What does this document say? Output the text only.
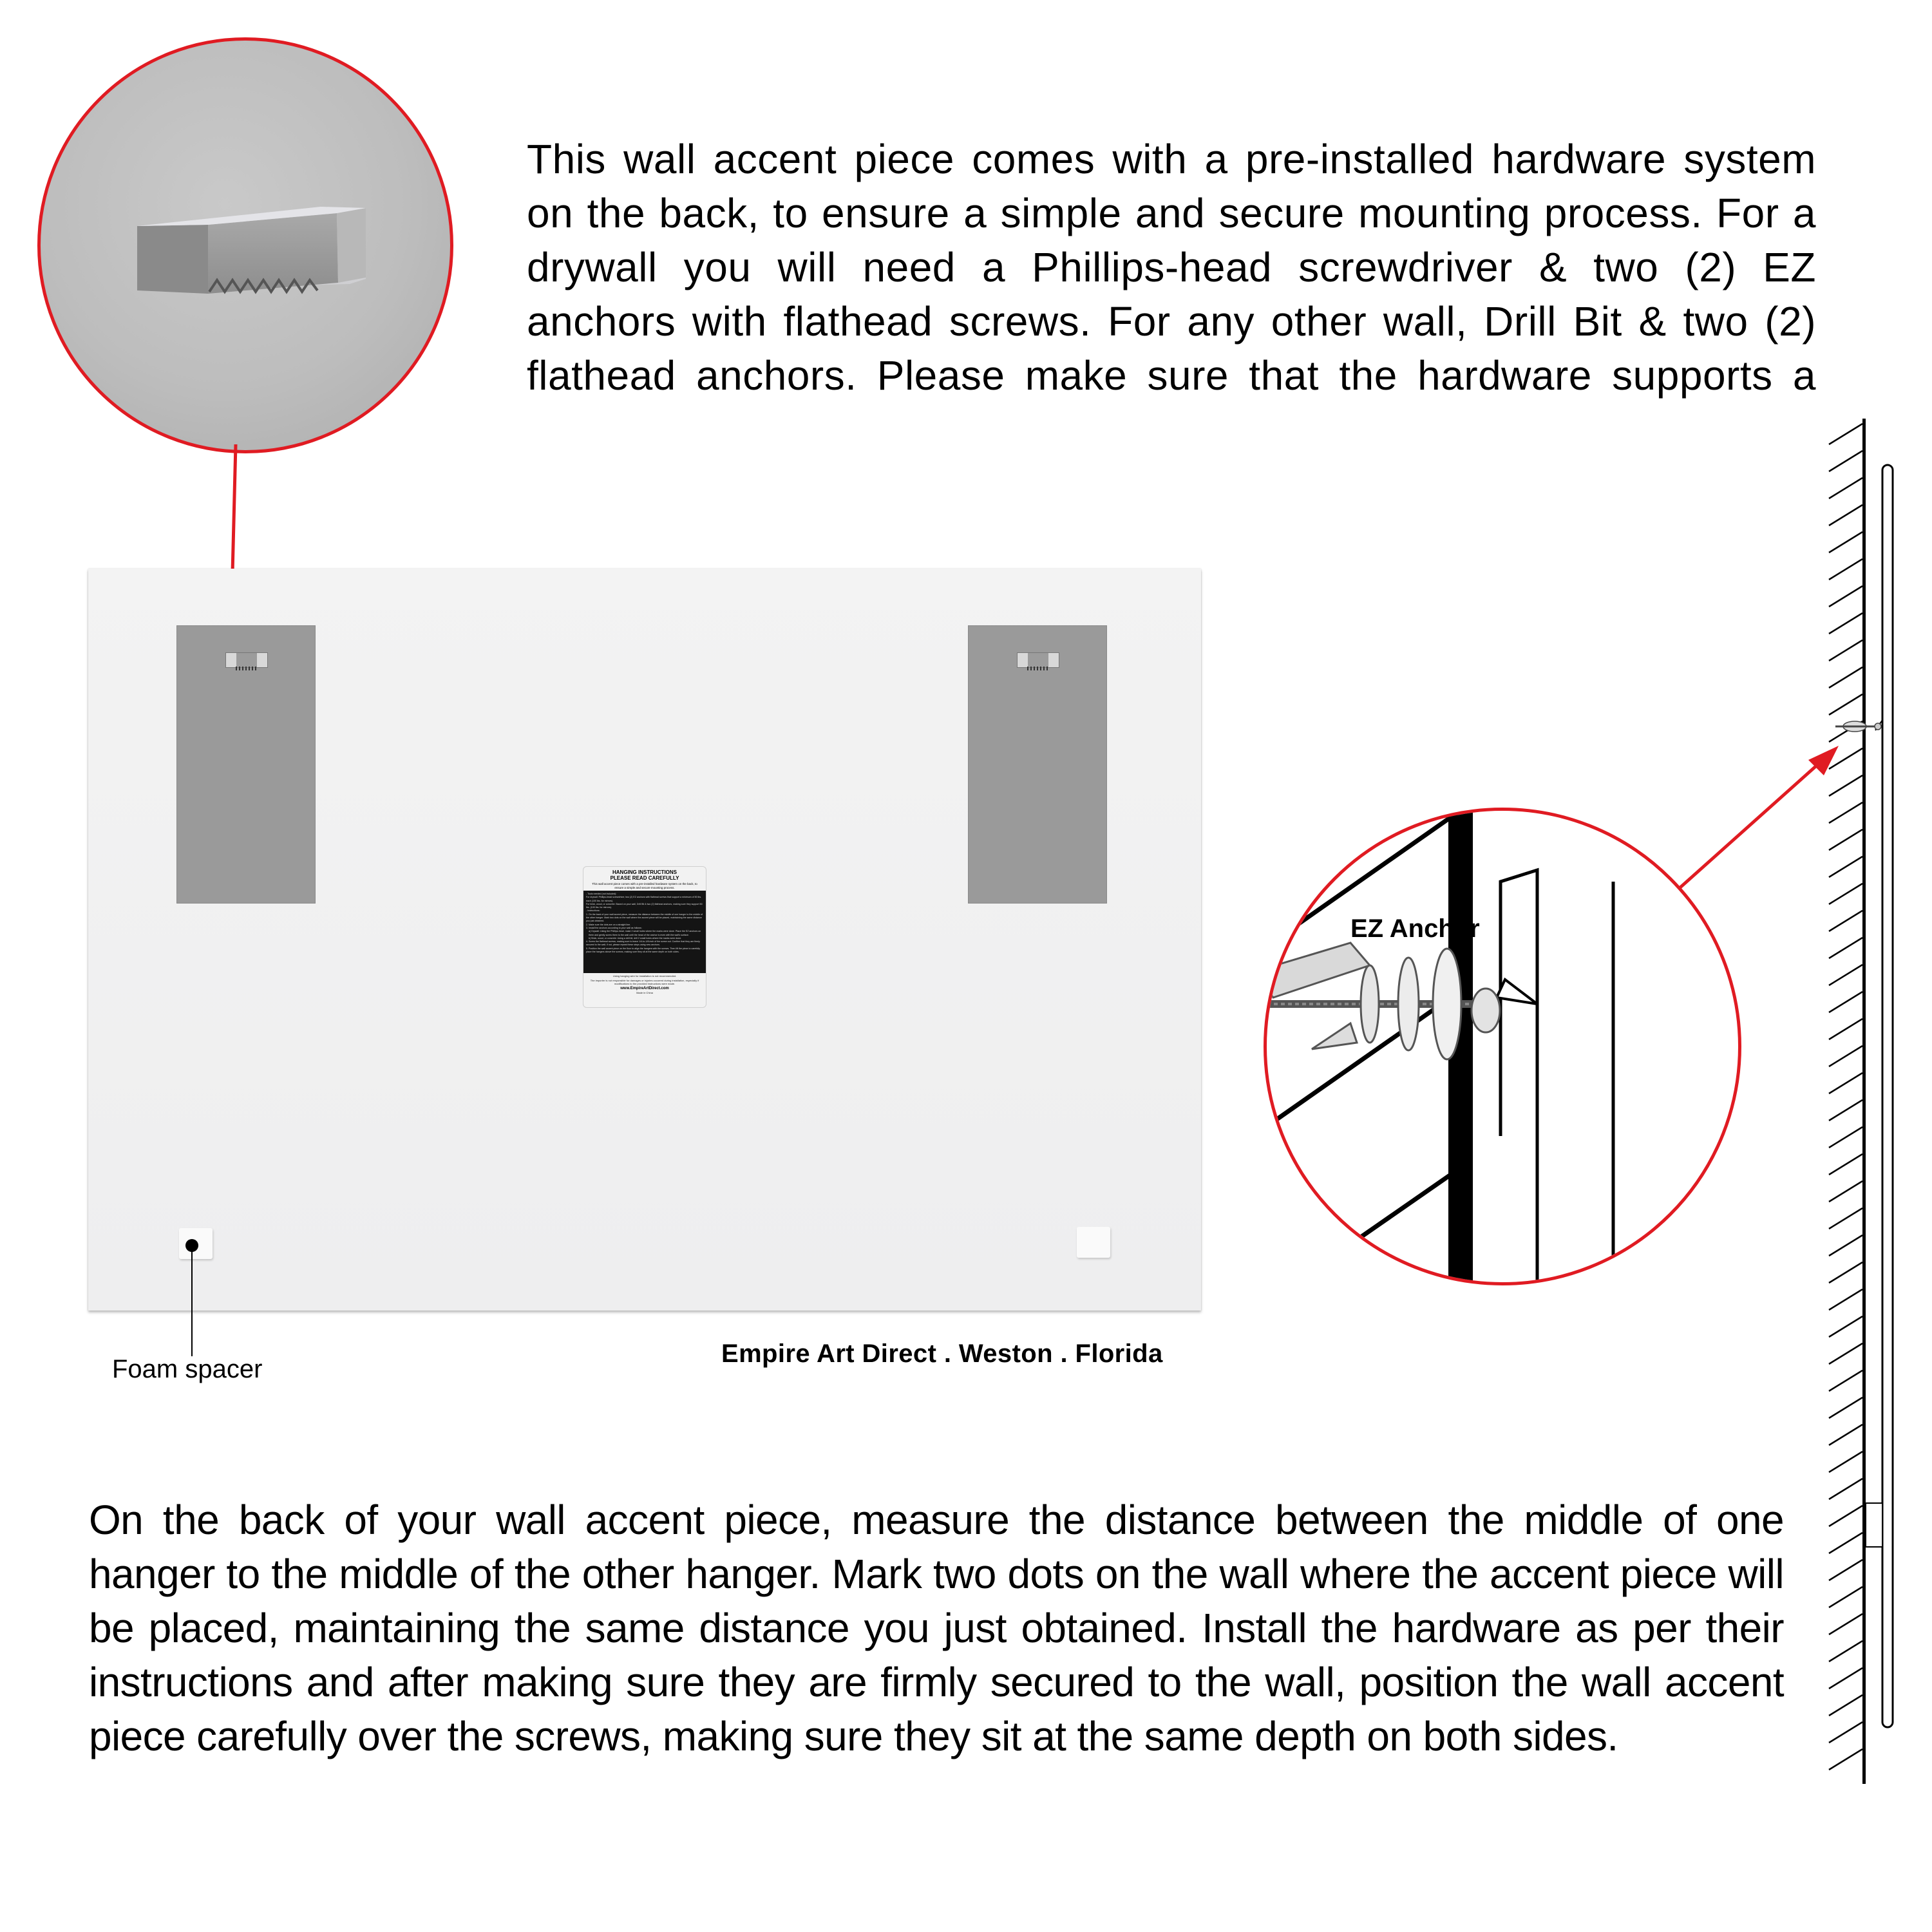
This wall accent piece comes with a pre-installed hardware system on the back, to ensure a simple and secure mounting process. For a drywall you will need a Phillips-head screwdriver & two (2) EZ anchors with flathead screws. For any other wall, Drill Bit & two (2) flathead anchors. Please make sure that the hardware supports a
HANGING INSTRUCTIONS
PLEASE READ CAREFULLY
This wall accent piece comes with a pre-installed hardware system on the back, to ensure a simple and secure mounting process.
- Tools needed (not included):
For drywall: Phillips-head screwdriver, two (2) EZ anchors with flathead screws that support a minimum of 50 lbs. each (100 lbs. for mirrors).
For brick, wood, or concrete: Based on your wall, Drill Bit & two (2) flathead anchors, making sure they support 50 lbs. (100 lbs. for mirrors).
- Instructions:
1. On the back of your wall accent piece, measure the distance between the middle of one hanger to the middle of the other hanger. Mark two dots on the wall where the accent piece will be placed, maintaining the same distance you just obtained.
2. Make sure the dots are on a straight line.
3. Install the anchors according to your wall as follows:
a) Drywall: Using the Phillips-head, make 2 small holes where the marks were done. Place the EZ anchors on them and gently screw them to the wall until the head of the anchor is even with the wall's surface.
b) Brick, wood, or concrete: Using a drill bit, drill 2 small holes where the marks were done.
4. Screw the flathead screws, making sure to leave 1/4-to-1/8-inch of the screw out. Confirm that they are firmly secured to the wall; if not, please repeat these steps using new anchors.
5. Position the wall accent piece on the floor to align the hangers with the screws. Then lift the piece to carefully place the hangers above the screws, making sure they sit at the same depth on both sides.
Using hanging wire for installation is not recommended.
The importer is not responsible for damages or injuries occurred during installation, especially if modifications to the provided instructions were made.
www.EmpireArtDirect.com
Made in China
Foam spacer
Empire Art Direct . Weston . Florida
EZ Anchor
On the back of your wall accent piece, measure the distance between the middle of one hanger to the middle of the other hanger. Mark two dots on the wall where the accent piece will be placed, maintaining the same distance you just obtained. Install the hardware as per their instructions and after making sure they are firmly secured to the wall, position the wall accent piece carefully over the screws, making sure they sit at the same depth on both sides.
